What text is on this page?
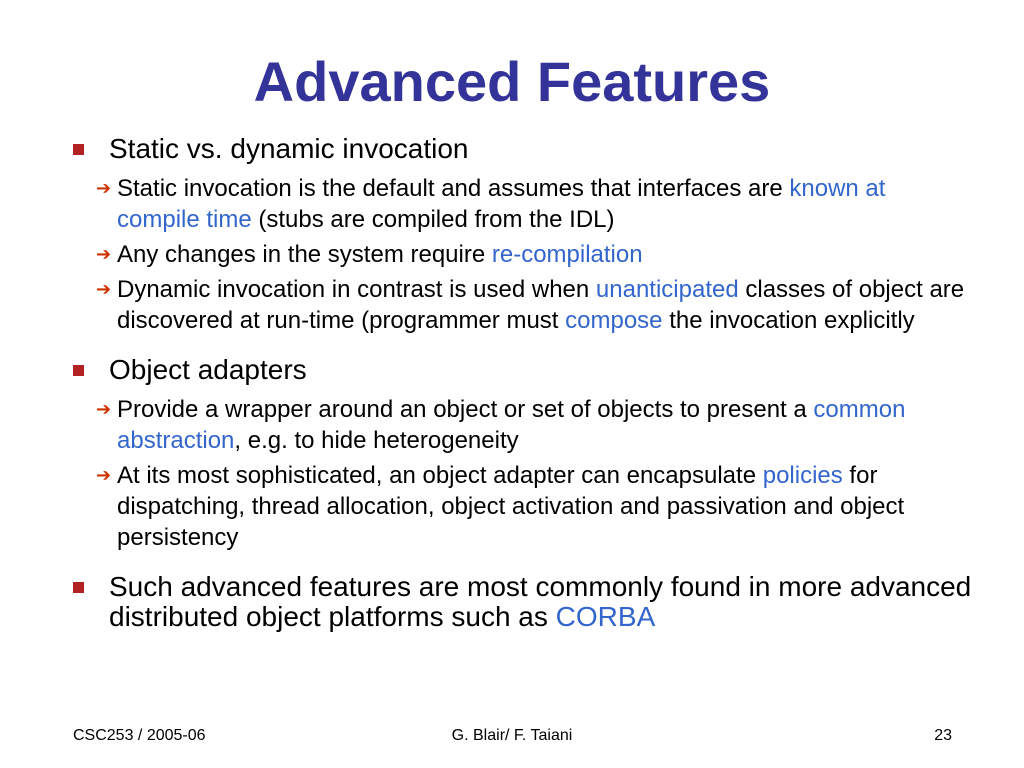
Advanced Features
Static vs. dynamic invocation
➔ Static invocation is the default and assumes that interfaces are known at compile time (stubs are compiled from the IDL)
➔ Any changes in the system require re-compilation
➔ Dynamic invocation in contrast is used when unanticipated classes of object are discovered at run-time (programmer must compose the invocation explicitly
Object adapters
➔ Provide a wrapper around an object or set of objects to present a common abstraction, e.g. to hide heterogeneity
➔ At its most sophisticated, an object adapter can encapsulate policies for dispatching, thread allocation, object activation and passivation and object persistency
Such advanced features are most commonly found in more advanced distributed object platforms such as CORBA
G. Blair/ F. Taiani
CSC253 / 2005-06	23
